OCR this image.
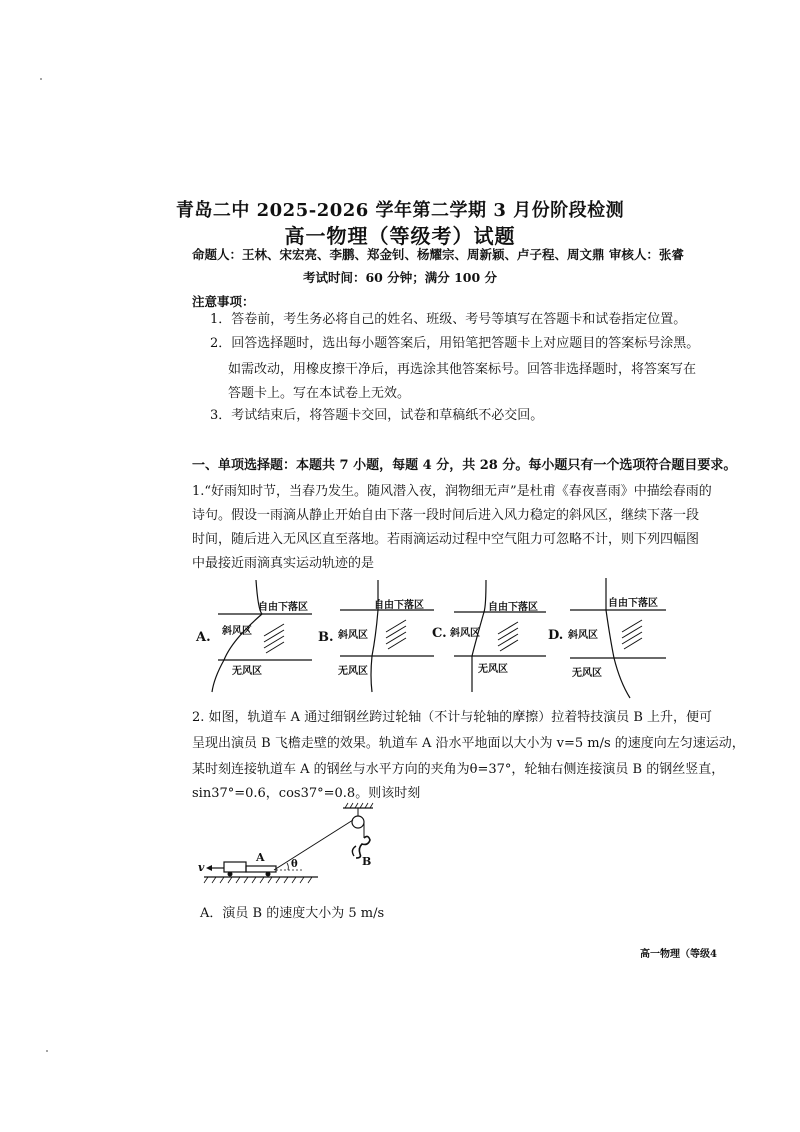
青岛二中 2025-2026 学年第二学期 3 月份阶段检测
高一物理（等级考）试题
命题人：王林、宋宏亮、李鹏、郑金钊、杨耀宗、周新颖、卢子程、周文鼎 审核人：张睿
考试时间：60 分钟；满分 100 分
注意事项：
1．答卷前，考生务必将自己的姓名、班级、考号等填写在答题卡和试卷指定位置。
2．回答选择题时，选出每小题答案后，用铅笔把答题卡上对应题目的答案标号涂黑。
如需改动，用橡皮擦干净后，再选涂其他答案标号。回答非选择题时，将答案写在
答题卡上。写在本试卷上无效。
3．考试结束后，将答题卡交回，试卷和草稿纸不必交回。
一、单项选择题：本题共 7 小题，每题 4 分，共 28 分。每小题只有一个选项符合题目要求。
1.“好雨知时节，当春乃发生。随风潜入夜，润物细无声”是杜甫《春夜喜雨》中描绘春雨的
诗句。假设一雨滴从静止开始自由下落一段时间后进入风力稳定的斜风区，继续下落一段
时间，随后进入无风区直至落地。若雨滴运动过程中空气阻力可忽略不计，则下列四幅图
中最接近雨滴真实运动轨迹的是
A.
自由下落区
斜风区
无风区
B.
自由下落区
斜风区
无风区
C.
自由下落区
斜风区
无风区
D.
自由下落区
斜风区
无风区
2. 如图，轨道车 A 通过细钢丝跨过轮轴（不计与轮轴的摩擦）拉着特技演员 B 上升，便可
呈现出演员 B 飞檐走壁的效果。轨道车 A 沿水平地面以大小为 v=5 m/s 的速度向左匀速运动，
某时刻连接轨道车 A 的钢丝与水平方向的夹角为θ=37°，轮轴右侧连接演员 B 的钢丝竖直，
sin37°=0.6，cos37°=0.8。则该时刻
v
A
θ	B
A．演员 B 的速度大小为 5 m/s
高一物理（等级4
